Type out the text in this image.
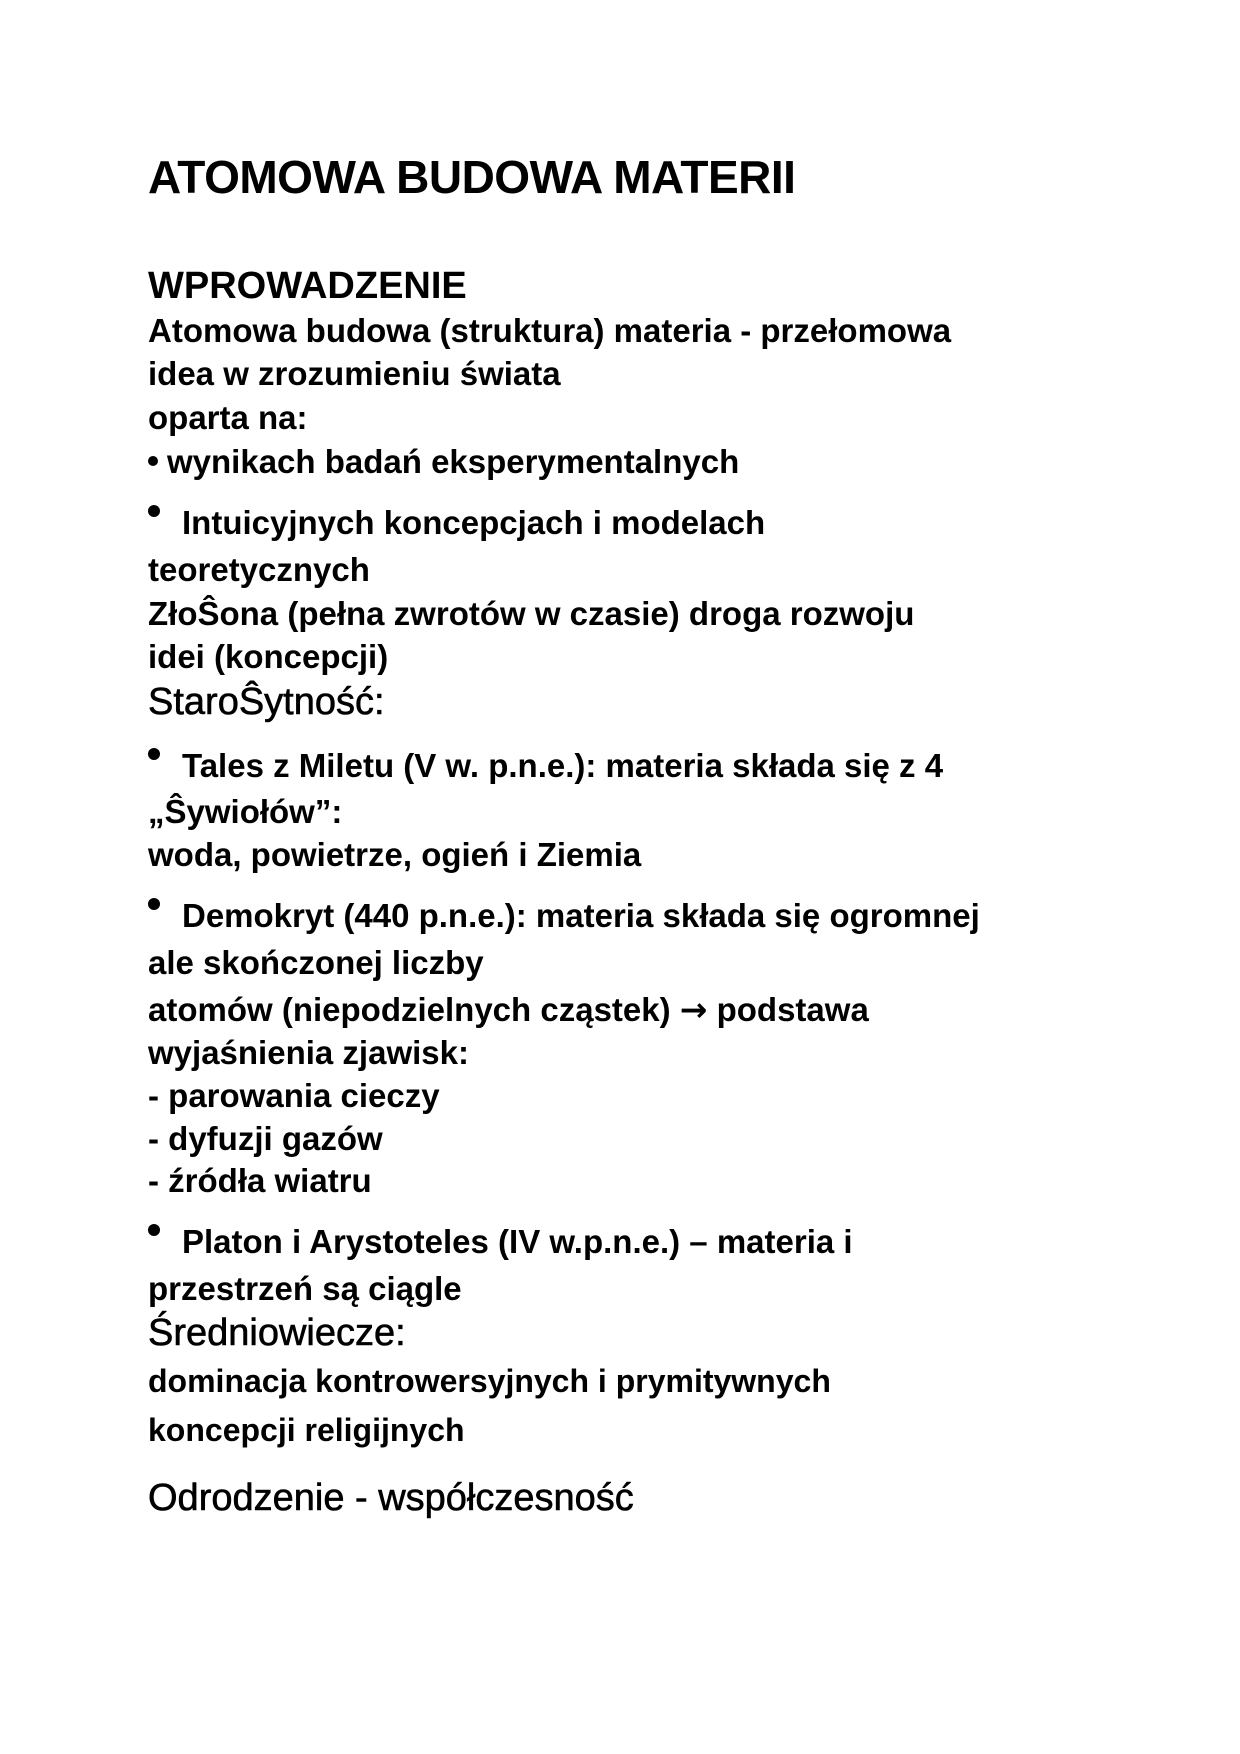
ATOMOWA BUDOWA MATERII
WPROWADZENIE
Atomowa budowa (struktura) materia - przełomowa
idea w zrozumieniu świata
oparta na:
wynikach badań eksperymentalnych
Intuicyjnych koncepcjach i modelach
teoretycznych
ZłoŜona (pełna zwrotów w czasie) droga rozwoju
idei (koncepcji)
StaroŜytność:
Tales z Miletu (V w. p.n.e.): materia składa się z 4
„Ŝywiołów”:
woda, powietrze, ogień i Ziemia
Demokryt (440 p.n.e.): materia składa się ogromnej
ale skończonej liczby
atomów (niepodzielnych cząstek) → podstawa
wyjaśnienia zjawisk:
- parowania cieczy
- dyfuzji gazów
- źródła wiatru
Platon i Arystoteles (IV w.p.n.e.) – materia i
przestrzeń są ciągle
Średniowiecze:
dominacja kontrowersyjnych i prymitywnych
koncepcji religijnych
Odrodzenie - współczesność
